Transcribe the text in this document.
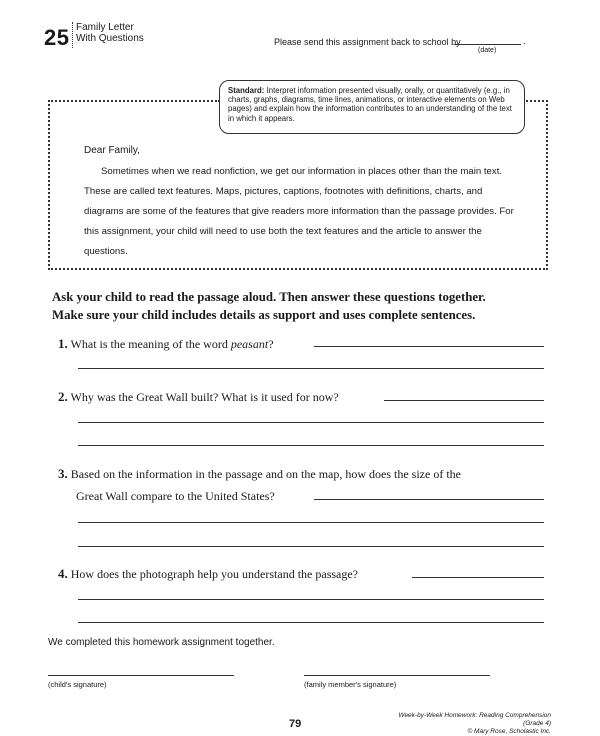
25 Family Letter
With Questions	Please send this assignment back to school by	.
(date)
Standard: Interpret information presented visually, orally, or quantitatively (e.g., in charts, graphs, diagrams, time lines, animations, or interactive elements on Web pages) and explain how the information contributes to an understanding of the text in which it appears.
Dear Family,

Sometimes when we read nonfiction, we get our information in places other than the main text. These are called text features. Maps, pictures, captions, footnotes with definitions, charts, and diagrams are some of the features that give readers more information than the passage provides. For this assignment, your child will need to use both the text features and the article to answer the questions.

Ask your child to read the passage aloud. Then answer these questions together.
Make sure your child includes details as support and uses complete sentences.
1. What is the meaning of the word peasant?
2. Why was the Great Wall built? What is it used for now?
3. Based on the information in the passage and on the map, how does the size of the
Great Wall compare to the United States?
4. How does the photograph help you understand the passage?
We completed this homework assignment together.
(child's signature)	(family member's signature)
79
Week-by-Week Homework: Reading Comprehension (Grade 4)
© Mary Rose, Scholastic Inc.
